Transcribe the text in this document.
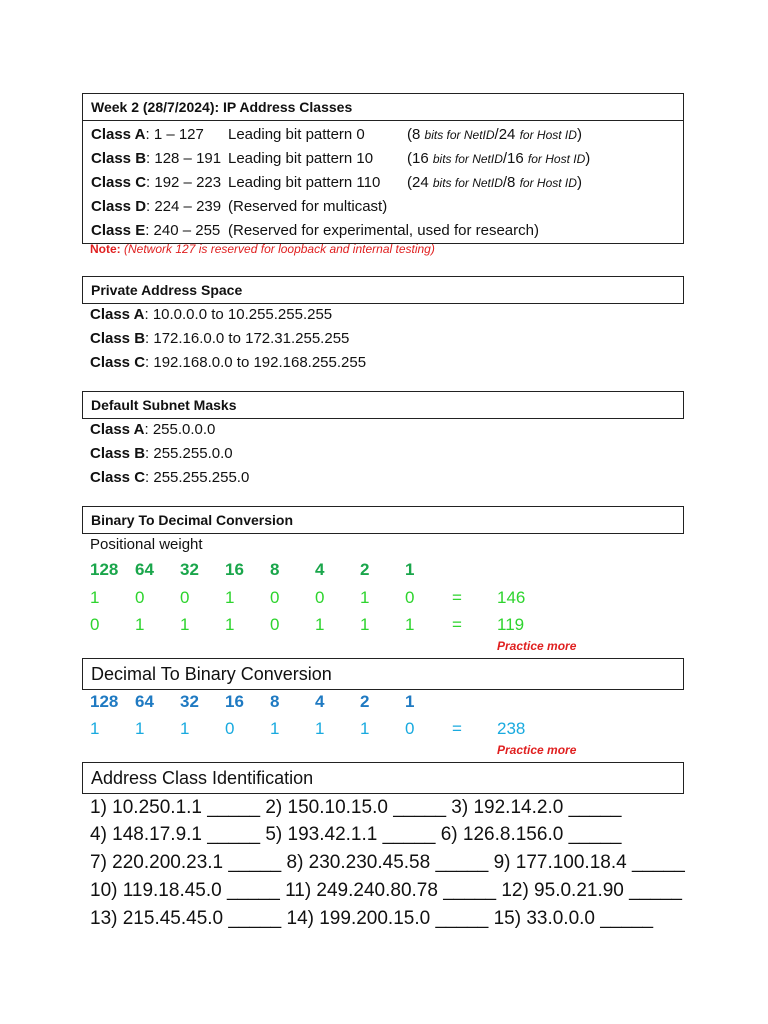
Week 2 (28/7/2024): IP Address Classes
Class A: 1 – 127 Leading bit pattern 0	(8 bits for NetID/24 for Host ID)
Class B: 128 – 191 Leading bit pattern 10 (16 bits for NetID/16 for Host ID)
Class C: 192 – 223 Leading bit pattern 110 (24 bits for NetID/8 for Host ID)
Class D: 224 – 239 (Reserved for multicast)
Class E: 240 – 255 (Reserved for experimental, used for research)
Note: (Network 127 is reserved for loopback and internal testing)
Private Address Space
Class A: 10.0.0.0 to 10.255.255.255
Class B: 172.16.0.0 to 172.31.255.255
Class C: 192.168.0.0 to 192.168.255.255
Default Subnet Masks
Class A: 255.0.0.0
Class B: 255.255.0.0
Class C: 255.255.255.0
Binary To Decimal Conversion
Positional weight
128 64 32 16 8 4 2 1
1 0 0 1 0 0 1 0 = 146
0 1 1 1 0 1 1 1 = 119
Practice more
Decimal To Binary Conversion
128 64 32 16 8 4 2 1
1 1 1 0 1 1 1 0 = 238
Practice more
Address Class Identification
1) 10.250.1.1 _____ 2) 150.10.15.0 _____ 3) 192.14.2.0 _____
4) 148.17.9.1 _____ 5) 193.42.1.1 _____ 6) 126.8.156.0 _____
7) 220.200.23.1 _____ 8) 230.230.45.58 _____ 9) 177.100.18.4 _____
10) 119.18.45.0 _____ 11) 249.240.80.78 _____ 12) 95.0.21.90 _____
13) 215.45.45.0 _____ 14) 199.200.15.0 _____ 15) 33.0.0.0 _____
